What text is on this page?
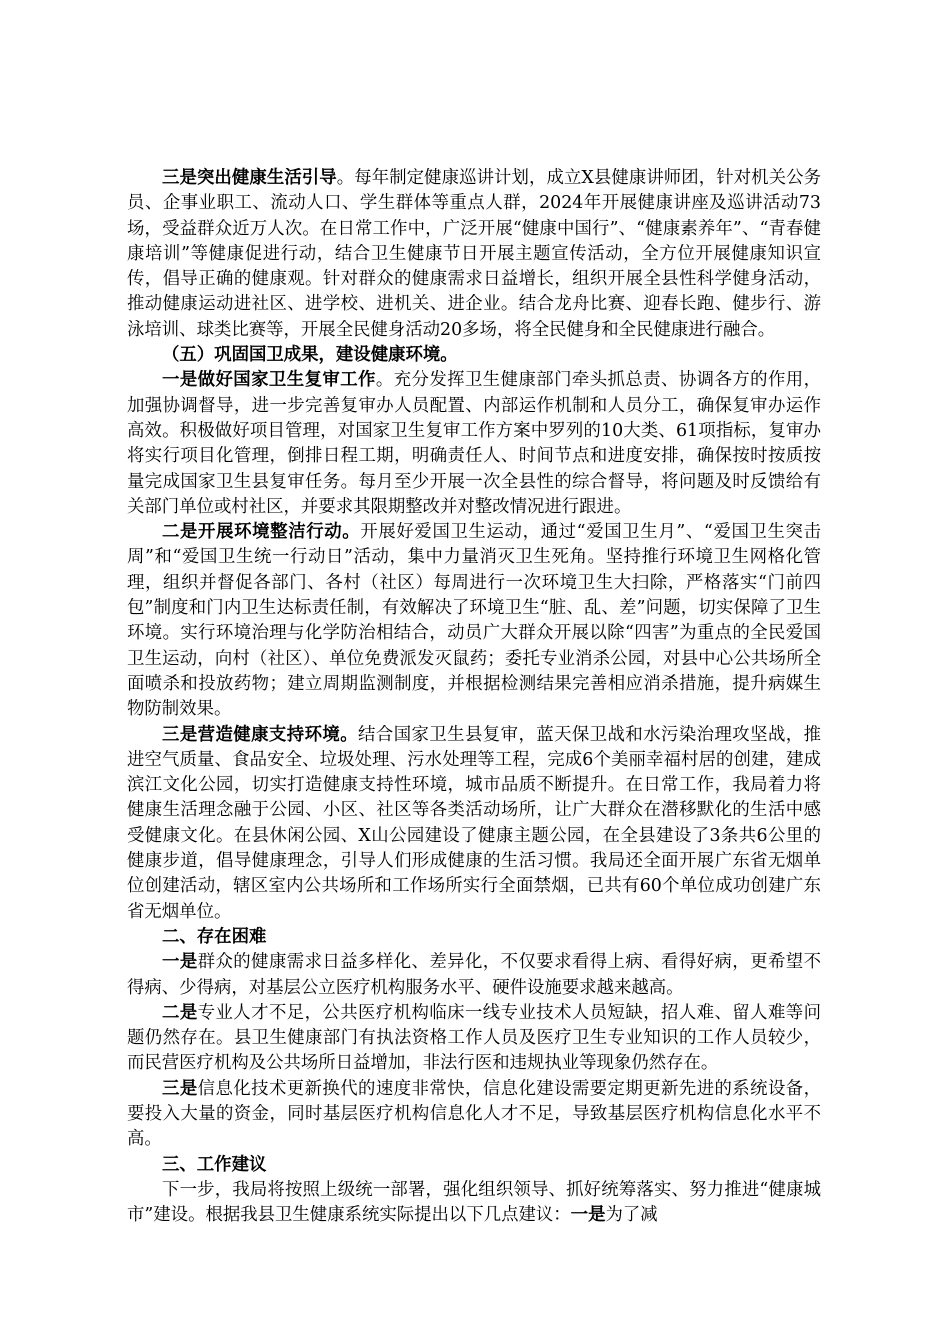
三是突出健康生活引导。每年制定健康巡讲计划，成立X县健康讲师团，针对机关公务员、企事业职工、流动人口、学生群体等重点人群，2024年开展健康讲座及巡讲活动73场，受益群众近万人次。在日常工作中，广泛开展“健康中国行”、“健康素养年”、“青春健康培训”等健康促进行动，结合卫生健康节日开展主题宣传活动，全方位开展健康知识宣传，倡导正确的健康观。针对群众的健康需求日益增长，组织开展全县性科学健身活动，推动健康运动进社区、进学校、进机关、进企业。结合龙舟比赛、迎春长跑、健步行、游泳培训、球类比赛等，开展全民健身活动20多场，将全民健身和全民健康进行融合。

（五）巩固国卫成果，建设健康环境。

一是做好国家卫生复审工作。充分发挥卫生健康部门牵头抓总责、协调各方的作用，加强协调督导，进一步完善复审办人员配置、内部运作机制和人员分工，确保复审办运作高效。积极做好项目管理，对国家卫生复审工作方案中罗列的10大类、61项指标，复审办将实行项目化管理，倒排日程工期，明确责任人、时间节点和进度安排，确保按时按质按量完成国家卫生县复审任务。每月至少开展一次全县性的综合督导，将问题及时反馈给有关部门单位或村社区，并要求其限期整改并对整改情况进行跟进。

二是开展环境整洁行动。开展好爱国卫生运动，通过“爱国卫生月”、“爱国卫生突击周”和“爱国卫生统一行动日”活动，集中力量消灭卫生死角。坚持推行环境卫生网格化管理，组织并督促各部门、各村（社区）每周进行一次环境卫生大扫除，严格落实“门前四包”制度和门内卫生达标责任制，有效解决了环境卫生“脏、乱、差”问题，切实保障了卫生环境。实行环境治理与化学防治相结合，动员广大群众开展以除“四害”为重点的全民爱国卫生运动，向村（社区）、单位免费派发灭鼠药；委托专业消杀公园，对县中心公共场所全面喷杀和投放药物；建立周期监测制度，并根据检测结果完善相应消杀措施，提升病媒生物防制效果。

三是营造健康支持环境。结合国家卫生县复审，蓝天保卫战和水污染治理攻坚战，推进空气质量、食品安全、垃圾处理、污水处理等工程，完成6个美丽幸福村居的创建，建成滨江文化公园，切实打造健康支持性环境，城市品质不断提升。在日常工作，我局着力将健康生活理念融于公园、小区、社区等各类活动场所，让广大群众在潜移默化的生活中感受健康文化。在县休闲公园、X山公园建设了健康主题公园，在全县建设了3条共6公里的健康步道，倡导健康理念，引导人们形成健康的生活习惯。我局还全面开展广东省无烟单位创建活动，辖区室内公共场所和工作场所实行全面禁烟，已共有60个单位成功创建广东省无烟单位。

二、存在困难

一是群众的健康需求日益多样化、差异化，不仅要求看得上病、看得好病，更希望不得病、少得病，对基层公立医疗机构服务水平、硬件设施要求越来越高。

二是专业人才不足，公共医疗机构临床一线专业技术人员短缺，招人难、留人难等问题仍然存在。县卫生健康部门有执法资格工作人员及医疗卫生专业知识的工作人员较少，而民营医疗机构及公共场所日益增加，非法行医和违规执业等现象仍然存在。

三是信息化技术更新换代的速度非常快，信息化建设需要定期更新先进的系统设备，要投入大量的资金，同时基层医疗机构信息化人才不足，导致基层医疗机构信息化水平不高。

三、工作建议

下一步，我局将按照上级统一部署，强化组织领导、抓好统筹落实、努力推进“健康城市”建设。根据我县卫生健康系统实际提出以下几点建议：一是为了减
